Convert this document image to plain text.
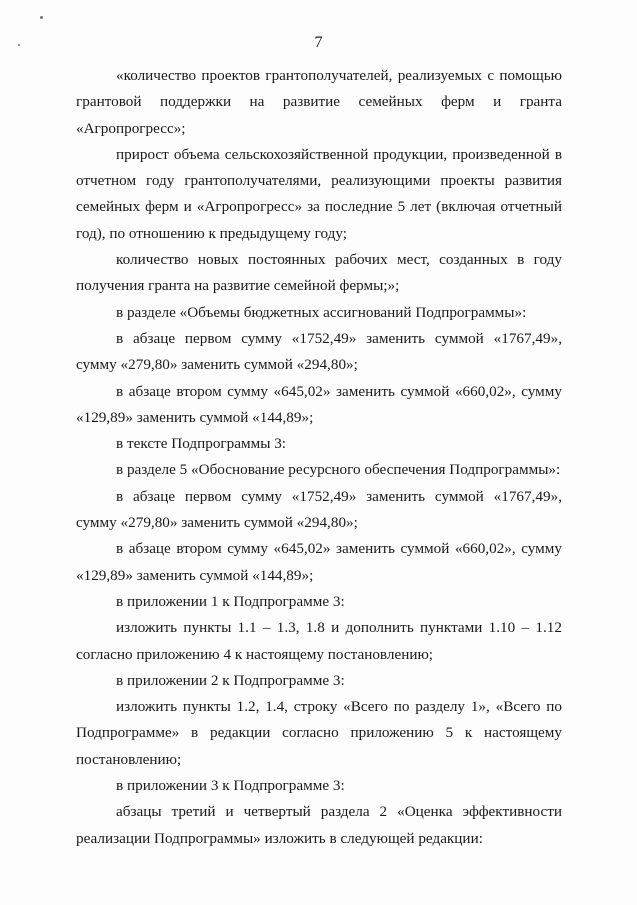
7

«количество проектов грантополучателей, реализуемых с помощью грантовой поддержки на развитие семейных ферм и гранта «Агропрогресс»;

прирост объема сельскохозяйственной продукции, произведенной в отчетном году грантополучателями, реализующими проекты развития семейных ферм и «Агропрогресс» за последние 5 лет (включая отчетный год), по отношению к предыдущему году;

количество новых постоянных рабочих мест, созданных в году получения гранта на развитие семейной фермы;»;

в разделе «Объемы бюджетных ассигнований Подпрограммы»:

в абзаце первом сумму «1752,49» заменить суммой «1767,49», сумму «279,80» заменить суммой «294,80»;

в абзаце втором сумму «645,02» заменить суммой «660,02», сумму «129,89» заменить суммой «144,89»;

в тексте Подпрограммы 3:

в разделе 5 «Обоснование ресурсного обеспечения Подпрограммы»:

в абзаце первом сумму «1752,49» заменить суммой «1767,49», сумму «279,80» заменить суммой «294,80»;

в абзаце втором сумму «645,02» заменить суммой «660,02», сумму «129,89» заменить суммой «144,89»;

в приложении 1 к Подпрограмме 3:

изложить пункты 1.1 – 1.3, 1.8 и дополнить пунктами 1.10 – 1.12 согласно приложению 4 к настоящему постановлению;

в приложении 2 к Подпрограмме 3:

изложить пункты 1.2, 1.4, строку «Всего по разделу 1», «Всего по Подпрограмме» в редакции согласно приложению 5 к настоящему постановлению;

в приложении 3 к Подпрограмме 3:

абзацы третий и четвертый раздела 2 «Оценка эффективности реализации Подпрограммы» изложить в следующей редакции:
